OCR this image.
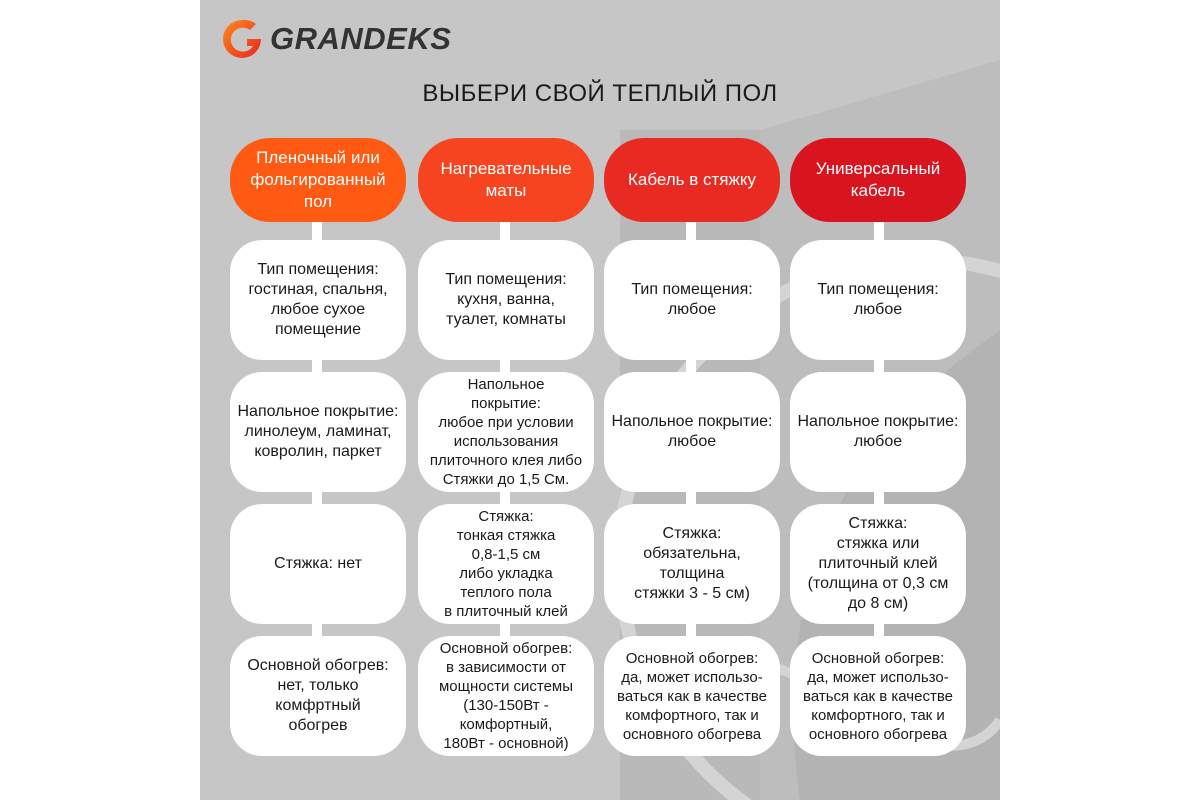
GRANDEKS
ВЫБЕРИ СВОЙ ТЕПЛЫЙ ПОЛ
Пленочный или
фольгированный
пол
Тип помещения:
гостиная, спальня,
любое сухое
помещение
Напольное покрытие:
линолеум, ламинат,
ковролин, паркет
Стяжка: нет
Основной обогрев:
нет, только
комфртный
обогрев
Нагревательные
маты
Тип помещения:
кухня, ванна,
туалет, комнаты
Напольное
покрытие:
любое при условии
использования
плиточного клея либо
Стяжки до 1,5 См.
Стяжка:
тонкая стяжка
0,8-1,5 см
либо укладка
теплого пола
в плиточный клей
Основной обогрев:
в зависимости от
мощности системы
(130-150Вт - комфортный,
180Вт - основной)
Кабель в стяжку
Тип помещения:
любое
Напольное покрытие:
любое
Стяжка:
обязательна,
толщина
стяжки 3 - 5 см)
Основной обогрев:
да, может использо-
ваться как в качестве
комфортного, так и
основного обогрева
Универсальный
кабель
Тип помещения:
любое
Напольное покрытие:
любое
Стяжка:
стяжка или
плиточный клей
(толщина от 0,3 см
до 8 см)
Основной обогрев:
да, может использо-
ваться как в качестве
комфортного, так и
основного обогрева
